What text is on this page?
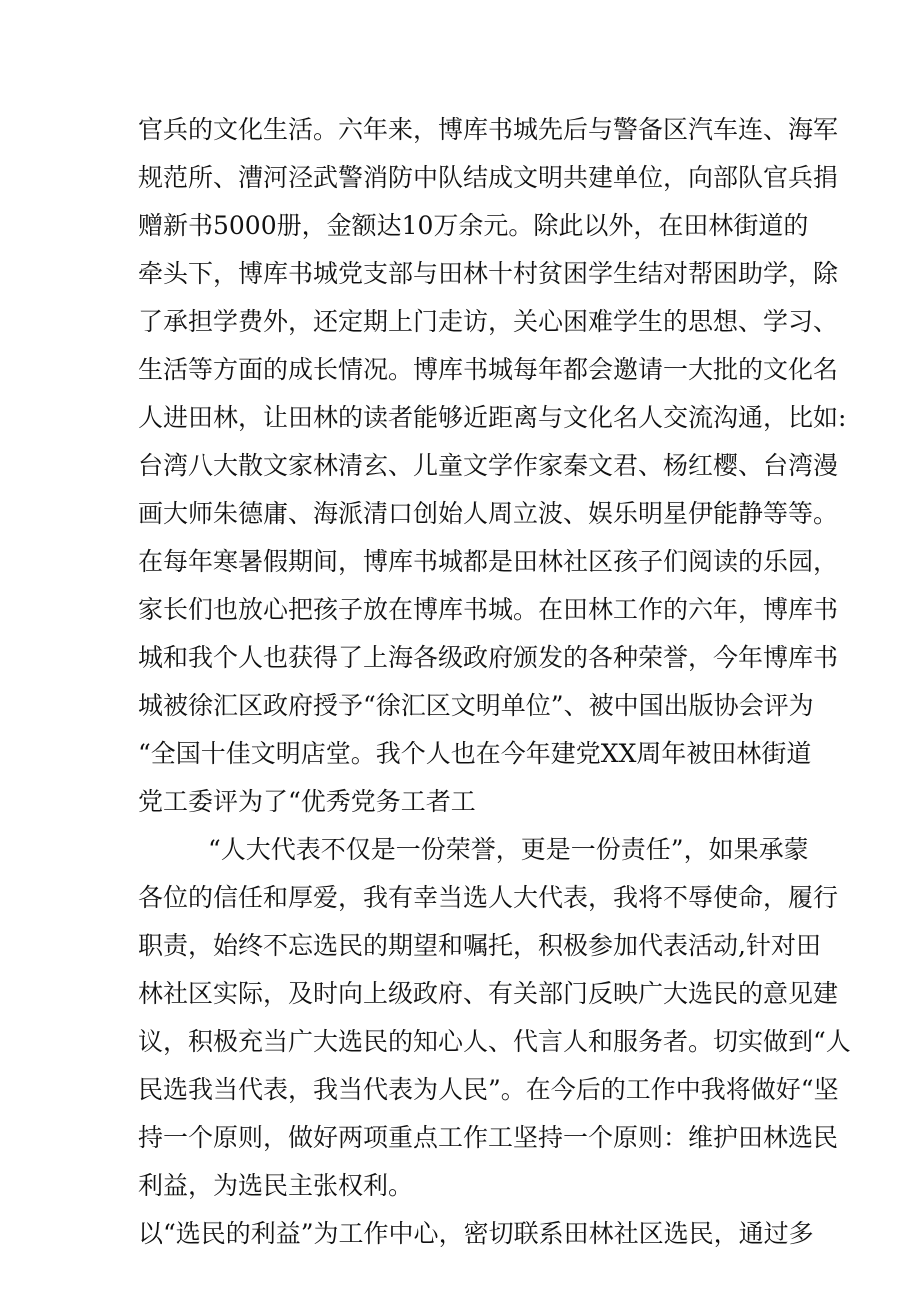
官兵的文化生活。六年来，博库书城先后与警备区汽车连、海军
规范所、漕河泾武警消防中队结成文明共建单位，向部队官兵捐
赠新书5000册，金额达10万余元。除此以外，在田林街道的
牵头下，博库书城党支部与田林十村贫困学生结对帮困助学，除
了承担学费外，还定期上门走访，关心困难学生的思想、学习、
生活等方面的成长情况。博库书城每年都会邀请一大批的文化名
人进田林，让田林的读者能够近距离与文化名人交流沟通，比如:
台湾八大散文家林清玄、儿童文学作家秦文君、杨红樱、台湾漫
画大师朱德庸、海派清口创始人周立波、娱乐明星伊能静等等。
在每年寒暑假期间，博库书城都是田林社区孩子们阅读的乐园，
家长们也放心把孩子放在博库书城。在田林工作的六年，博库书
城和我个人也获得了上海各级政府颁发的各种荣誉，今年博库书
城被徐汇区政府授予“徐汇区文明单位”、被中国出版协会评为
“全国十佳文明店堂。我个人也在今年建党XX周年被田林街道
党工委评为了“优秀党务工者工
“人大代表不仅是一份荣誉，更是一份责任”，如果承蒙
各位的信任和厚爱，我有幸当选人大代表，我将不辱使命，履行
职责，始终不忘选民的期望和嘱托，积极参加代表活动,针对田
林社区实际，及时向上级政府、有关部门反映广大选民的意见建
议，积极充当广大选民的知心人、代言人和服务者。切实做到“人
民选我当代表，我当代表为人民”。在今后的工作中我将做好“坚
持一个原则，做好两项重点工作工坚持一个原则：维护田林选民
利益，为选民主张权利。
以“选民的利益”为工作中心，密切联系田林社区选民，通过多
